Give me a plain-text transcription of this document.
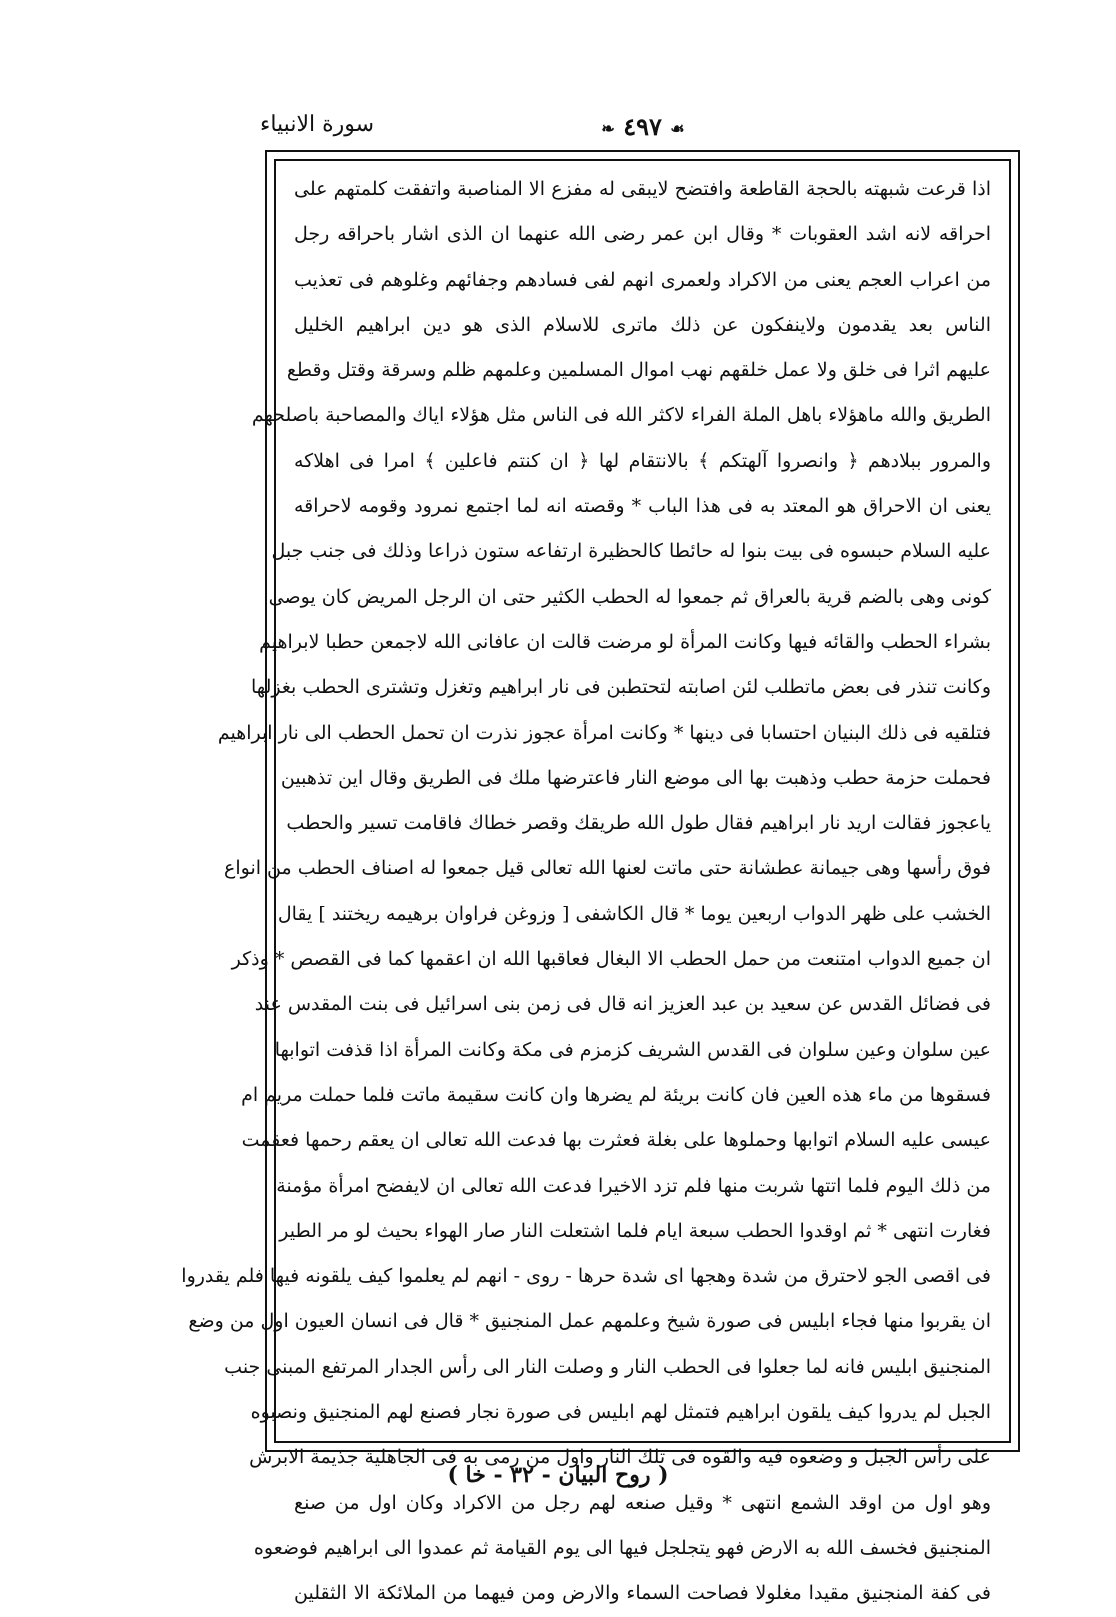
سورة الانبياء	❧ ٤٩٧ ☙
اذا قرعت شبهته بالحجة القاطعة وافتضح لايبقى له مفزع الا المناصبة واتفقت كلمتهم على
احراقه لانه اشد العقوبات * وقال ابن عمر رضى الله عنهما ان الذى اشار باحراقه رجل
من اعراب العجم يعنى من الاكراد ولعمرى انهم لفى فسادهم وجفائهم وغلوهم فى تعذيب
الناس بعد يقدمون ولاينفكون عن ذلك ماترى للاسلام الذى هو دين ابراهيم الخليل
عليهم اثرا فى خلق ولا عمل خلقهم نهب اموال المسلمين وعلمهم ظلم وسرقة وقتل وقطع
الطريق والله ماهؤلاء باهل الملة الفراء لاكثر الله فى الناس مثل هؤلاء اياك والمصاحبة باصلحهم
والمرور ببلادهم ﴿ وانصروا آلهتكم ﴾ بالانتقام لها ﴿ ان كنتم فاعلين ﴾ امرا فى اهلاكه
يعنى ان الاحراق هو المعتد به فى هذا الباب * وقصته انه لما اجتمع نمرود وقومه لاحراقه
عليه السلام حبسوه فى بيت بنوا له حائطا كالحظيرة ارتفاعه ستون ذراعا وذلك فى جنب جبل
كونى وهى بالضم قرية بالعراق ثم جمعوا له الحطب الكثير حتى ان الرجل المريض كان يوصى
بشراء الحطب والقائه فيها وكانت المرأة لو مرضت قالت ان عافانى الله لاجمعن حطبا لابراهيم
وكانت تنذر فى بعض ماتطلب لئن اصابته لتحتطبن فى نار ابراهيم وتغزل وتشترى الحطب بغزلها
فتلقيه فى ذلك البنيان احتسابا فى دينها * وكانت امرأة عجوز نذرت ان تحمل الحطب الى نار ابراهيم
فحملت حزمة حطب وذهبت بها الى موضع النار فاعترضها ملك فى الطريق وقال اين تذهبين
ياعجوز فقالت اريد نار ابراهيم فقال طول الله طريقك وقصر خطاك فاقامت تسير والحطب
فوق رأسها وهى جيمانة عطشانة حتى ماتت لعنها الله تعالى قيل جمعوا له اصناف الحطب من انواع
الخشب على ظهر الدواب اربعين يوما * قال الكاشفى [ وزوغن فراوان برهيمه ريختند ] يقال
ان جميع الدواب امتنعت من حمل الحطب الا البغال فعاقبها الله ان اعقمها كما فى القصص * وذكر
فى فضائل القدس عن سعيد بن عبد العزيز انه قال فى زمن بنى اسرائيل فى بنت المقدس عند
عين سلوان وعين سلوان فى القدس الشريف كزمزم فى مكة وكانت المرأة اذا قذفت اتوابها
فسقوها من ماء هذه العين فان كانت بريئة لم يضرها وان كانت سقيمة ماتت فلما حملت مريم ام
عيسى عليه السلام اتوابها وحملوها على بغلة فعثرت بها فدعت الله تعالى ان يعقم رحمها فعقمت
من ذلك اليوم فلما اتتها شربت منها فلم تزد الاخيرا فدعت الله تعالى ان لايفضح امرأة مؤمنة
فغارت انتهى * ثم اوقدوا الحطب سبعة ايام فلما اشتعلت النار صار الهواء بحيث لو مر الطير
فى اقصى الجو لاحترق من شدة وهجها اى شدة حرها - روى - انهم لم يعلموا كيف يلقونه فيها فلم يقدروا
ان يقربوا منها فجاء ابليس فى صورة شيخ وعلمهم عمل المنجنيق * قال فى انسان العيون اول من وضع
المنجنيق ابليس فانه لما جعلوا فى الحطب النار و وصلت النار الى رأس الجدار المرتفع المبنى جنب
الجبل لم يدروا كيف يلقون ابراهيم فتمثل لهم ابليس فى صورة نجار فصنع لهم المنجنيق ونصبوه
على رأس الجبل و وضعوه فيه والقوه فى تلك النار واول من رمى به فى الجاهلية جذيمة الابرش
وهو اول من اوقد الشمع انتهى * وقيل صنعه لهم رجل من الاكراد وكان اول من صنع
المنجنيق فخسف الله به الارض فهو يتجلجل فيها الى يوم القيامة ثم عمدوا الى ابراهيم فوضعوه
فى كفة المنجنيق مقيدا مغلولا فصاحت السماء والارض ومن فيهما من الملائكة الا الثقلين
( روح البيان - ٣٢ - خا )
